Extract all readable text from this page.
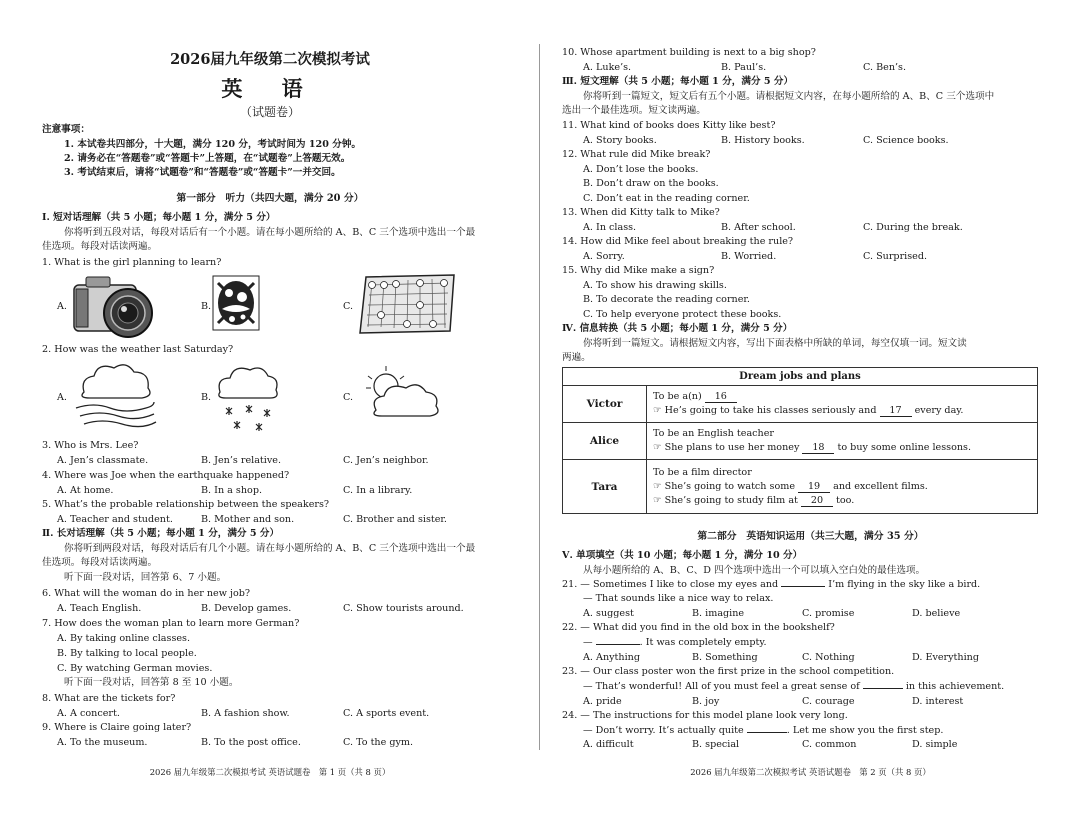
2026届九年级第二次模拟考试
英 语
（试题卷）
注意事项：
1. 本试卷共四部分，十大题，满分 120 分，考试时间为 120 分钟。
2. 请务必在“答题卷”或“答题卡”上答题，在“试题卷”上答题无效。
3. 考试结束后，请将“试题卷”和“答题卷”或“答题卡”一并交回。
第一部分　听力（共四大题，满分 20 分）
Ⅰ. 短对话理解（共 5 小题；每小题 1 分，满分 5 分）
你将听到五段对话，每段对话后有一个小题。请在每小题所给的 A、B、C 三个选项中选出一个最
佳选项。每段对话读两遍。
1. What is the girl planning to learn?
A.	B.	C.
2. How was the weather last Saturday?
A.	B.	C.
3. Who is Mrs. Lee?
A. Jen’s classmate.	B. Jen’s relative.	C. Jen’s neighbor.
4. Where was Joe when the earthquake happened?
A. At home.	B. In a shop.	C. In a library.
5. What’s the probable relationship between the speakers?
A. Teacher and student.	B. Mother and son.	C. Brother and sister.
Ⅱ. 长对话理解（共 5 小题；每小题 1 分，满分 5 分）
你将听到两段对话，每段对话后有几个小题。请在每小题所给的 A、B、C 三个选项中选出一个最
佳选项。每段对话读两遍。
听下面一段对话，回答第 6、7 小题。
6. What will the woman do in her new job?
A. Teach English.	B. Develop games.	C. Show tourists around.
7. How does the woman plan to learn more German?
A. By taking online classes.
B. By talking to local people.
C. By watching German movies.
听下面一段对话，回答第 8 至 10 小题。
8. What are the tickets for?
A. A concert.	B. A fashion show.	C. A sports event.
9. Where is Claire going later?
A. To the museum.	B. To the post office.	C. To the gym.
2026 届九年级第二次模拟考试 英语试题卷　第 1 页（共 8 页）
10. Whose apartment building is next to a big shop?
A. Luke’s.	B. Paul’s.	C. Ben’s.
Ⅲ. 短文理解（共 5 小题；每小题 1 分，满分 5 分）
你将听到一篇短文，短文后有五个小题。请根据短文内容，在每小题所给的 A、B、C 三个选项中
选出一个最佳选项。短文读两遍。
11. What kind of books does Kitty like best?
A. Story books.	B. History books.	C. Science books.
12. What rule did Mike break?
A. Don’t lose the books.
B. Don’t draw on the books.
C. Don’t eat in the reading corner.
13. When did Kitty talk to Mike?
A. In class.	B. After school.	C. During the break.
14. How did Mike feel about breaking the rule?
A. Sorry.	B. Worried.	C. Surprised.
15. Why did Mike make a sign?
A. To show his drawing skills.
B. To decorate the reading corner.
C. To help everyone protect these books.
Ⅳ. 信息转换（共 5 小题；每小题 1 分，满分 5 分）
你将听到一篇短文。请根据短文内容，写出下面表格中所缺的单词，每空仅填一词。短文读
两遍。
Dream jobs and plans	
Victor	To be a(n) 16
☞ He’s going to take his classes seriously and 17 every day.

Alice	To be an English teacher
☞ She plans to use her money 18 to buy some online lessons.

Tara	To be a film director
☞ She’s going to watch some 19 and excellent films.
☞ She’s going to study film at 20 too.
第二部分　英语知识运用（共三大题，满分 35 分）
Ⅴ. 单项填空（共 10 小题；每小题 1 分，满分 10 分）
从每小题所给的 A、B、C、D 四个选项中选出一个可以填入空白处的最佳选项。
21. — Sometimes I like to close my eyes and	I’m flying in the sky like a bird.
— That sounds like a nice way to relax.
A. suggest	B. imagine	C. promise	D. believe
22. — What did you find in the old box in the bookshelf?
—	. It was completely empty.
A. Anything	B. Something	C. Nothing	D. Everything
23. — Our class poster won the first prize in the school competition.
— That’s wonderful! All of you must feel a great sense of	in this achievement.
A. pride	B. joy	C. courage	D. interest
24. — The instructions for this model plane look very long.
— Don’t worry. It’s actually quite	. Let me show you the first step.
A. difficult	B. special	C. common	D. simple
2026 届九年级第二次模拟考试 英语试题卷　第 2 页（共 8 页）
